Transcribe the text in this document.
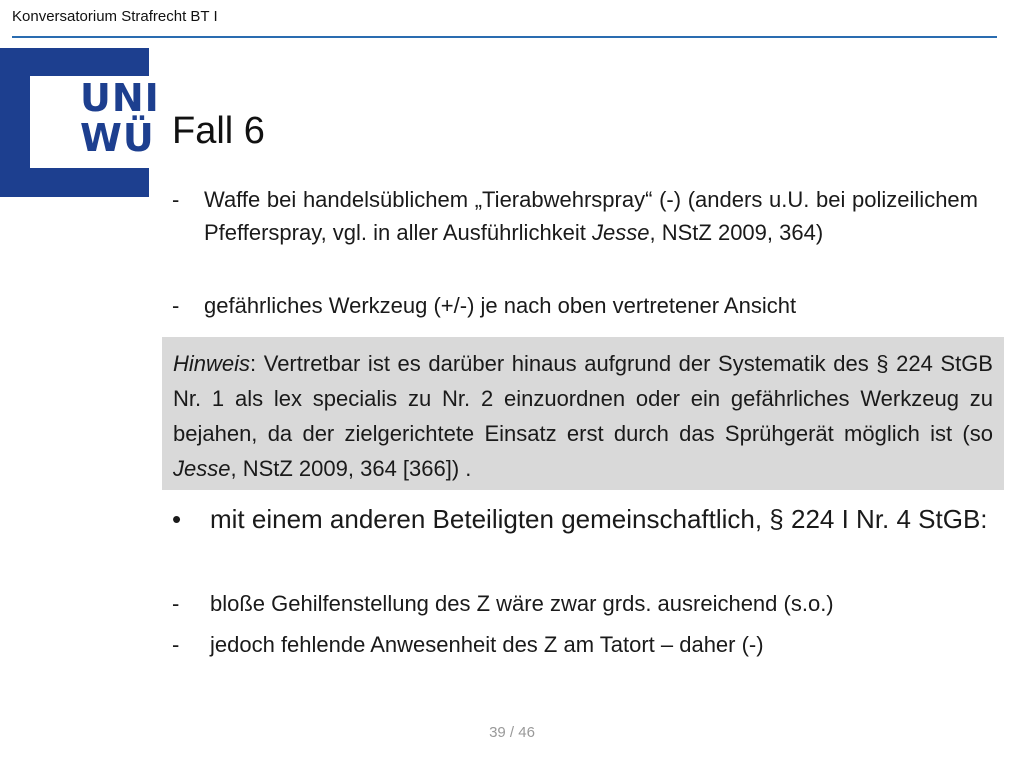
Konversatorium Strafrecht BT I
UNI
WÜ Fall 6
- Waffe bei handelsüblichem „Tierabwehrspray“ (-) (anders u.U. bei polizeilichem Pfefferspray, vgl. in aller Ausführlichkeit Jesse, NStZ 2009, 364)
- gefährliches Werkzeug (+/-) je nach oben vertretener Ansicht
Hinweis: Vertretbar ist es darüber hinaus aufgrund der Systematik des § 224 StGB Nr. 1 als lex specialis zu Nr. 2 einzuordnen oder ein gefährliches Werkzeug zu bejahen, da der zielgerichtete Einsatz erst durch das Sprühgerät möglich ist (so Jesse, NStZ 2009, 364 [366]) .
• mit einem anderen Beteiligten gemeinschaftlich, § 224 I Nr. 4 StGB:
- bloße Gehilfenstellung des Z wäre zwar grds. ausreichend (s.o.)
- jedoch fehlende Anwesenheit des Z am Tatort – daher (-)
39 / 46
